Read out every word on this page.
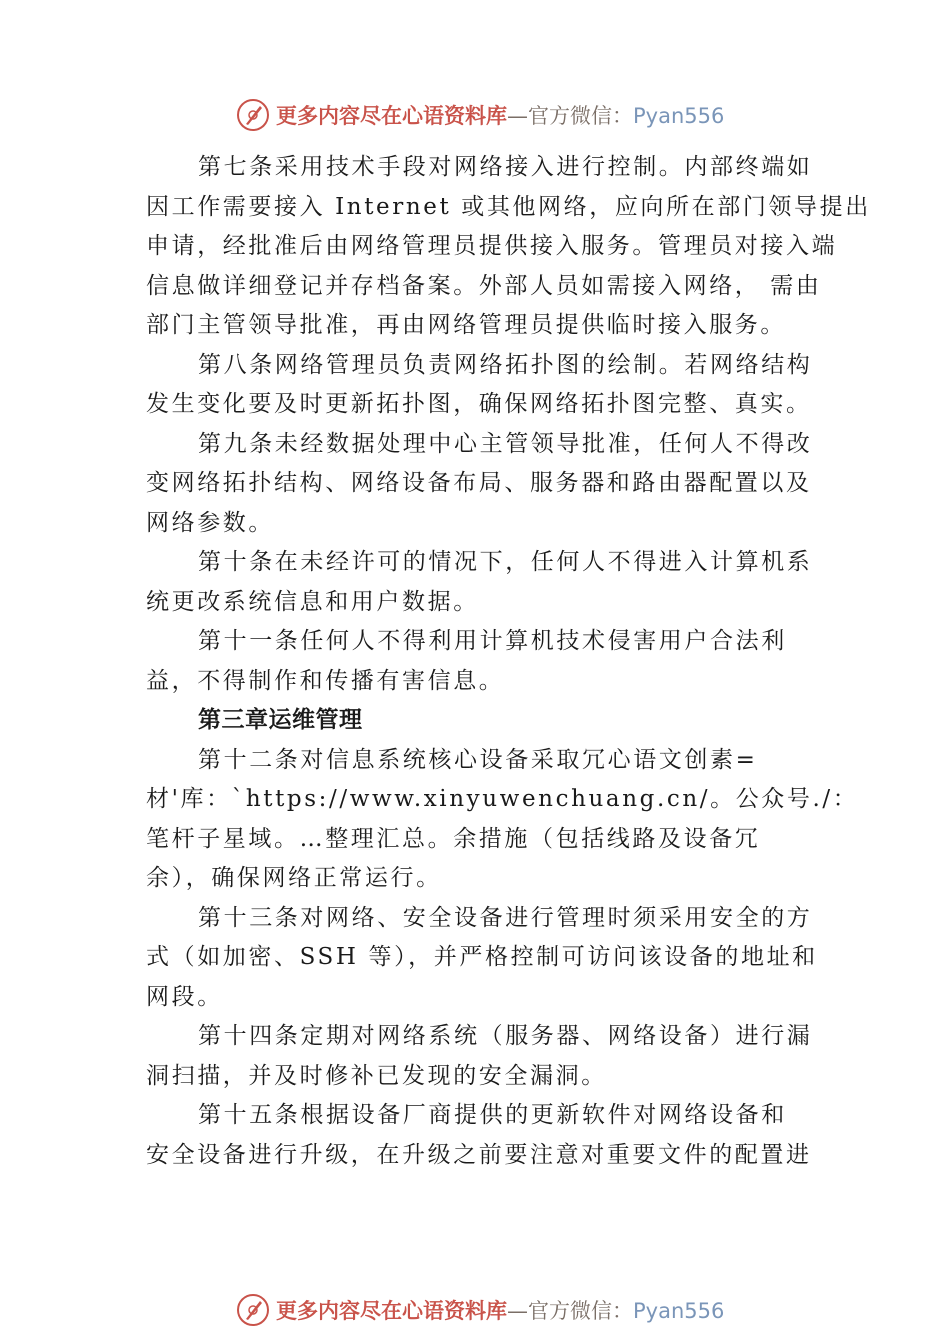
更多内容尽在心语资料库—官方微信：Pyan556

第七条采用技术手段对网络接入进行控制。内部终端如
因工作需要接入 Internet 或其他网络，应向所在部门领导提出
申请，经批准后由网络管理员提供接入服务。管理员对接入端
信息做详细登记并存档备案。外部人员如需接入网络， 需由
部门主管领导批准，再由网络管理员提供临时接入服务。

第八条网络管理员负责网络拓扑图的绘制。若网络结构
发生变化要及时更新拓扑图，确保网络拓扑图完整、真实。

第九条未经数据处理中心主管领导批准，任何人不得改
变网络拓扑结构、网络设备布局、服务器和路由器配置以及
网络参数。

第十条在未经许可的情况下，任何人不得进入计算机系
统更改系统信息和用户数据。

第十一条任何人不得利用计算机技术侵害用户合法利
益，不得制作和传播有害信息。

第三章运维管理

第十二条对信息系统核心设备采取冗心语文创素=
材'库：`https://www.xinyuwenchuang.cn/。公众号./：
笔杆子星域。…整理汇总。余措施（包括线路及设备冗
余），确保网络正常运行。

第十三条对网络、安全设备进行管理时须采用安全的方
式（如加密、SSH 等），并严格控制可访问该设备的地址和
网段。

第十四条定期对网络系统（服务器、网络设备）进行漏
洞扫描，并及时修补已发现的安全漏洞。

第十五条根据设备厂商提供的更新软件对网络设备和
安全设备进行升级，在升级之前要注意对重要文件的配置进

更多内容尽在心语资料库—官方微信：Pyan556
